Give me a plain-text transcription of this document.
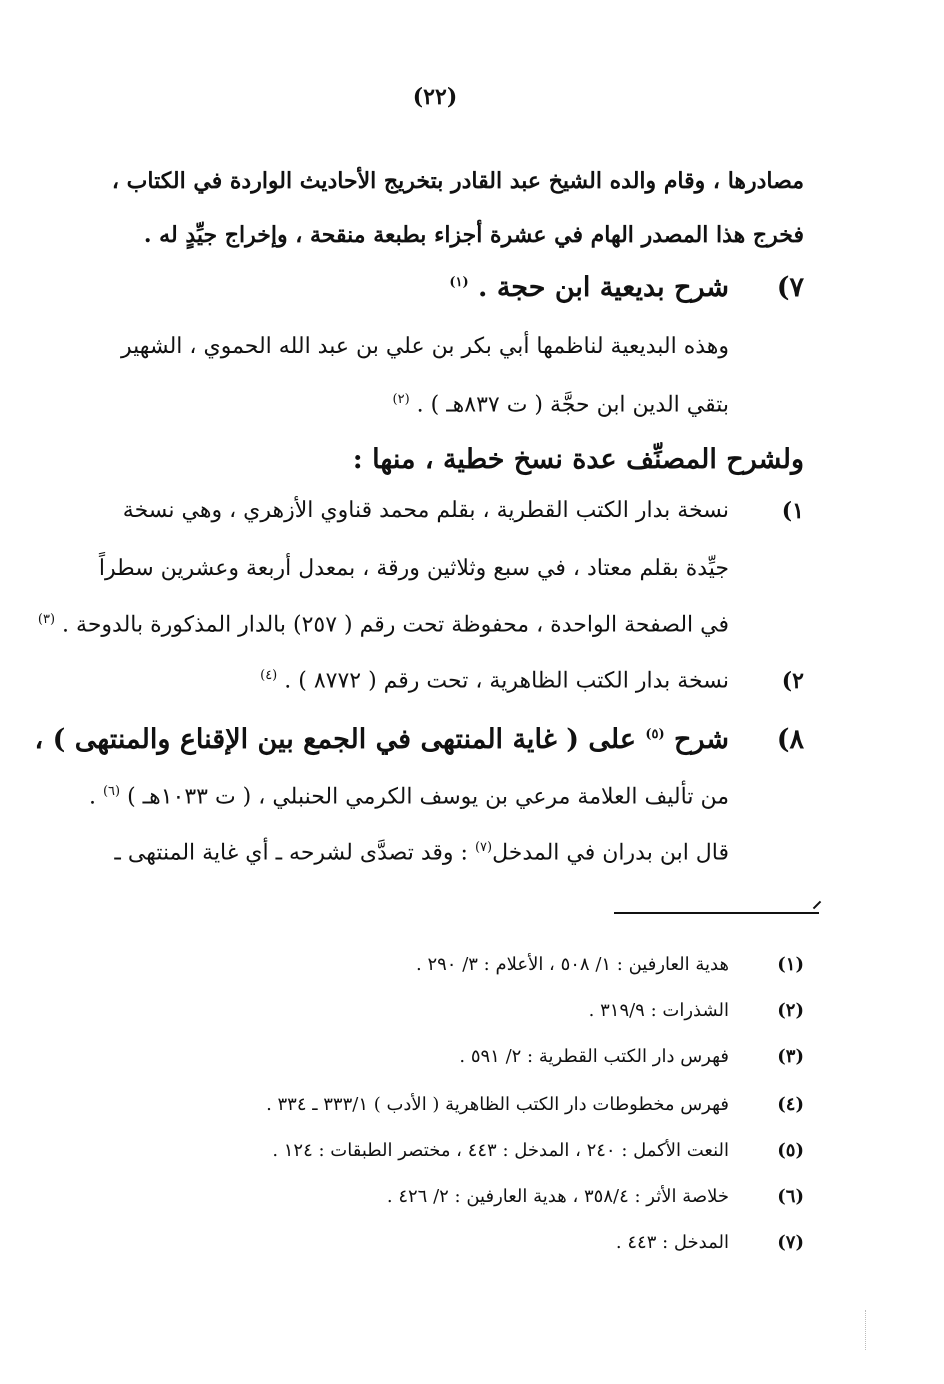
(٢٢)
مصادرها ، وقام والده الشيخ عبد القادر بتخريج الأحاديث الواردة في الكتاب ،
فخرج هذا المصدر الهام في عشرة أجزاء بطبعة منقحة ، وإخراج جيِّدٍ له .
٧)
شرح بديعية ابن حجة . $^{(١)}$
وهذه البديعية لناظمها أبي بكر بن علي بن عبد الله الحموي ، الشهير
بتقي الدين ابن حجَّة ( ت ٨٣٧هـ ) . $^{(٢)}$
ولشرح المصنِّف عدة نسخ خطية ، منها :
١)
نسخة بدار الكتب القطرية ، بقلم محمد قناوي الأزهري ، وهي نسخة
جيِّدة بقلم معتاد ، في سبع وثلاثين ورقة ، بمعدل أربعة وعشرين سطراً
في الصفحة الواحدة ، محفوظة تحت رقم ( ٢٥٧) بالدار المذكورة بالدوحة . $^{(٣)}$
٢)
نسخة بدار الكتب الظاهرية ، تحت رقم ( ٨٧٧٢ ) . $^{(٤)}$
٨)
شرح $^{(٥)}$ على ( غاية المنتهى في الجمع بين الإقناع والمنتهى ) ،
من تأليف العلامة مرعي بن يوسف الكرمي الحنبلي ، ( ت ١٠٣٣هـ ) $^{(٦)}$ .
قال ابن بدران في المدخل$^{(٧)}$ : وقد تصدَّى لشرحه ـ أي غاية المنتهى ـ
(١)
هدية العارفين : ١/ ٥٠٨ ، الأعلام : ٣/ ٢٩٠ .
(٢)
الشذرات : ٣١٩/٩ .
(٣)
فهرس دار الكتب القطرية : ٢/ ٥٩١ .
(٤)
فهرس مخطوطات دار الكتب الظاهرية ( الأدب ) ٣٣٣/١ ـ ٣٣٤ .
(٥)
النعت الأكمل : ٢٤٠ ، المدخل : ٤٤٣ ، مختصر الطبقات : ١٢٤ .
(٦)
خلاصة الأثر : ٣٥٨/٤ ، هدية العارفين : ٢/ ٤٢٦ .
(٧)
المدخل : ٤٤٣ .
